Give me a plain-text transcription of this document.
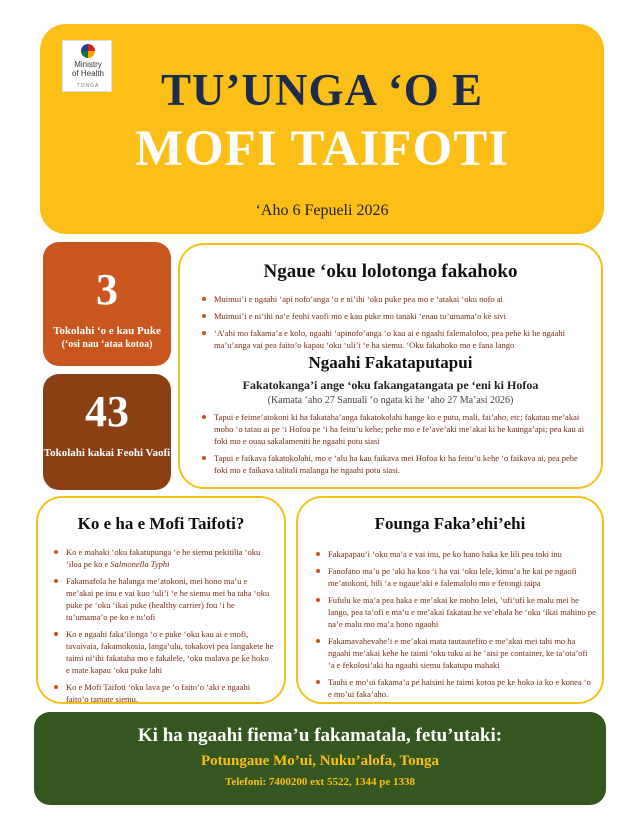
Ministry
of Health
TONGA	TU’UNGA ‘O E
MOFI TAIFOTI
‘Aho 6 Fepueli 2026
3
Tokolahi ‘o e kau Puke
(‘osi nau ‘ataa kotoa)
43
Tokolahi kakai Feohi Vaofi
Ngaue ‘oku lolotonga fakahoko
Muimui’i e ngaahi ‘api nofo’anga ‘o e ni’ihi ‘oku puke pea mo e ‘atakai ‘oku nofo ai
Muimui’i e ni’ihi na’e feohi vaofi mo e kau puke mo tanaki ‘enau tu’umama’o ke sivi
‘A’ahi mo fakama’a e kolo, ngaahi ‘apinofo’anga ‘o kau ai e ngaahi falemaloloo, pea pehe ki he ngaahi ma’u’anga vai pea faito’o kapau ‘oku ‘uli’i ‘e ha siemu. ‘Oku fakahoko mo e fana lango
Ngaahi Fakataputapui
Fakatokanga’i ange ‘oku fakangatangata pe ‘eni ki Hofoa
(Kamata ‘aho 27 Sanuali ‘o ngata ki he ‘aho 27 Ma’asi 2026)
Tapui e feime’atokoni ki ha fakataha’anga fakatokolahi hange ko e putu, mali, fai’aho, etc; fakatau me’akai moho ‘o tatau ai pe ‘i Hofoa pe ‘i ha feitu’u kehe; pehe mo e fe’ave’aki me’akai ki he kaunga’api; pea kau ai foki mo e ouau sakalameniti he ngaahi potu siasi
Tapui e faikava fakatokolahi, mo e ‘alu ha kau faikava mei Hofoa ki ha feitu’u kehe ‘o faikava ai, pea pehe foki mo e faikava talitali malanga he ngaahi potu siasi.
Ko e ha e Mofi Taifoti?
Ko e mahaki ‘oku fakatupunga ‘e he siemu pekitilia ‘oku ‘iloa pe ko e Salmonella Typhi
Fakamafola he halanga me’atokoni, mei hono ma’u e me’akai pe inu e vai kuo ‘uli’i ‘e he siemu mei ha taha ‘oku puke pe ‘oku ‘ikai puke (healthy carrier) fou ‘i he tu’umama’o pe ko e tu’ofi
Ko e ngaahi faka’ilonga ‘o e puke ‘oku kau ai e mofi, tavaivaia, fakamokosia, langa’ulu, tokakovi pea langakete he taimi ni’ihi fakataha mo e fakalele, ‘oku malava pe ke hoko e mate kapau ‘oku puke lahi
Ko e Mofi Taifoti ‘oku lava pe ‘o faito’o ‘aki e ngaahi faito’o tamate siemu.
Founga Faka’ehi’ehi
Fakapapau’i ‘oku ma’a e vai inu, pe ko hano haka ke lili pea toki inu
Fanofano ma’u pe ‘aki ha koa ‘i ha vai ‘oku lele, kimu’a he kai pe ngaofi me’atokoni, hili ‘a e ngaue’aki e falemalolo mo e fetongi taipa
Fufulu ke ma’a pea haka e me’akai ke moho lelei, ‘ufi’ufi ke malu mei he lango, pea ta’ofi e ma’u e me’akai fakatau he ve’ehala he ‘oku ‘ikai mahino pe na’e malu mo ma’a hono ngaohi
Fakamavahevahe’i e me’akai mata tautautefito e me’akai mei tahi mo ha ngaahi me’akai kehe he taimi ‘oku tuku ai he ‘aisi pe container, ke ta’ota’ofi ‘a e fekolosi’aki ha ngaahi siemu fakatupu mahaki
Tauhi e mo’ui fakama’a pe haisini he taimi kotoa pe ke hoko ia ko e konea ‘o e mo’ui faka’aho.
Ki ha ngaahi fiema’u fakamatala, fetu’utaki:
Potungaue Mo’ui, Nuku’alofa, Tonga
Telefoni: 7400200 ext 5522, 1344 pe 1338
